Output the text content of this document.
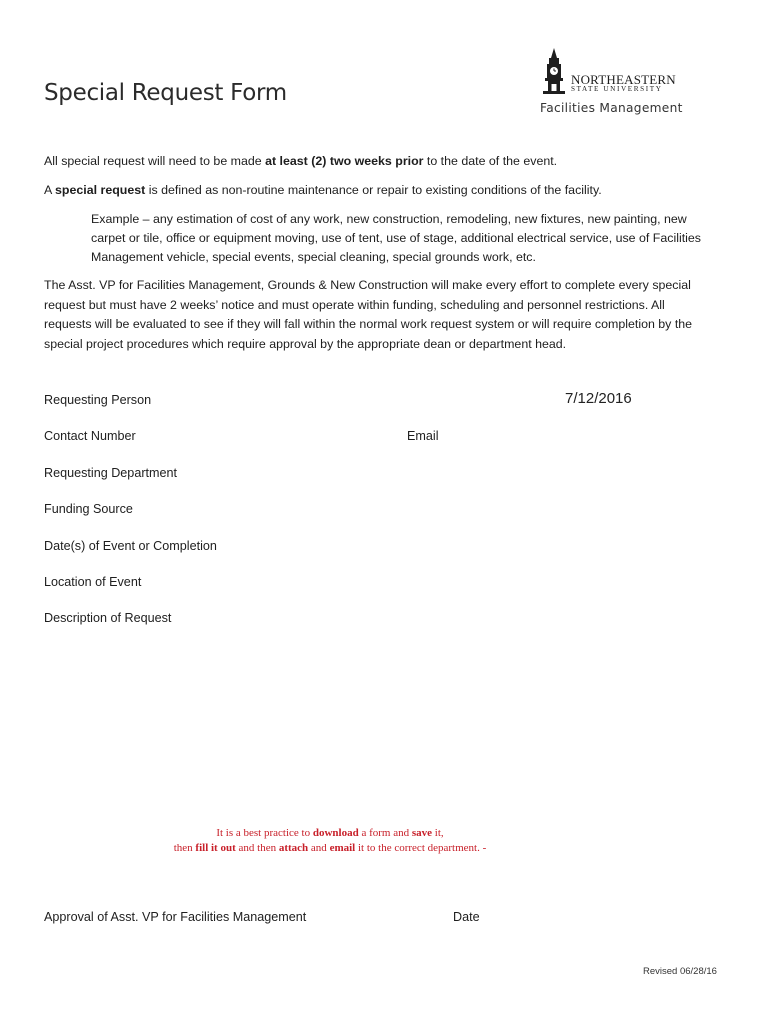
Special Request Form
NORTHEASTERN
STATE UNIVERSITY
Facilities Management
All special request will need to be made at least (2) two weeks prior to the date of the event.
A special request is defined as non-routine maintenance or repair to existing conditions of the facility.
Example – any estimation of cost of any work, new construction, remodeling, new fixtures, new painting, new
carpet or tile, office or equipment moving, use of tent, use of stage, additional electrical service, use of Facilities
Management vehicle, special events, special cleaning, special grounds work, etc.
The Asst. VP for Facilities Management, Grounds & New Construction will make every effort to complete every special
request but must have 2 weeks’ notice and must operate within funding, scheduling and personnel restrictions. All
requests will be evaluated to see if they will fall within the normal work request system or will require completion by the
special project procedures which require approval by the appropriate dean or department head.
7/12/2016
Requesting Person
Contact Number	Email
Requesting Department
Funding Source
Date(s) of Event or Completion
Location of Event
Description of Request
It is a best practice to download a form and save it,
then fill it out and then attach and email it to the correct department. -
Approval of Asst. VP for Facilities Management	Date
Revised 06/28/16
